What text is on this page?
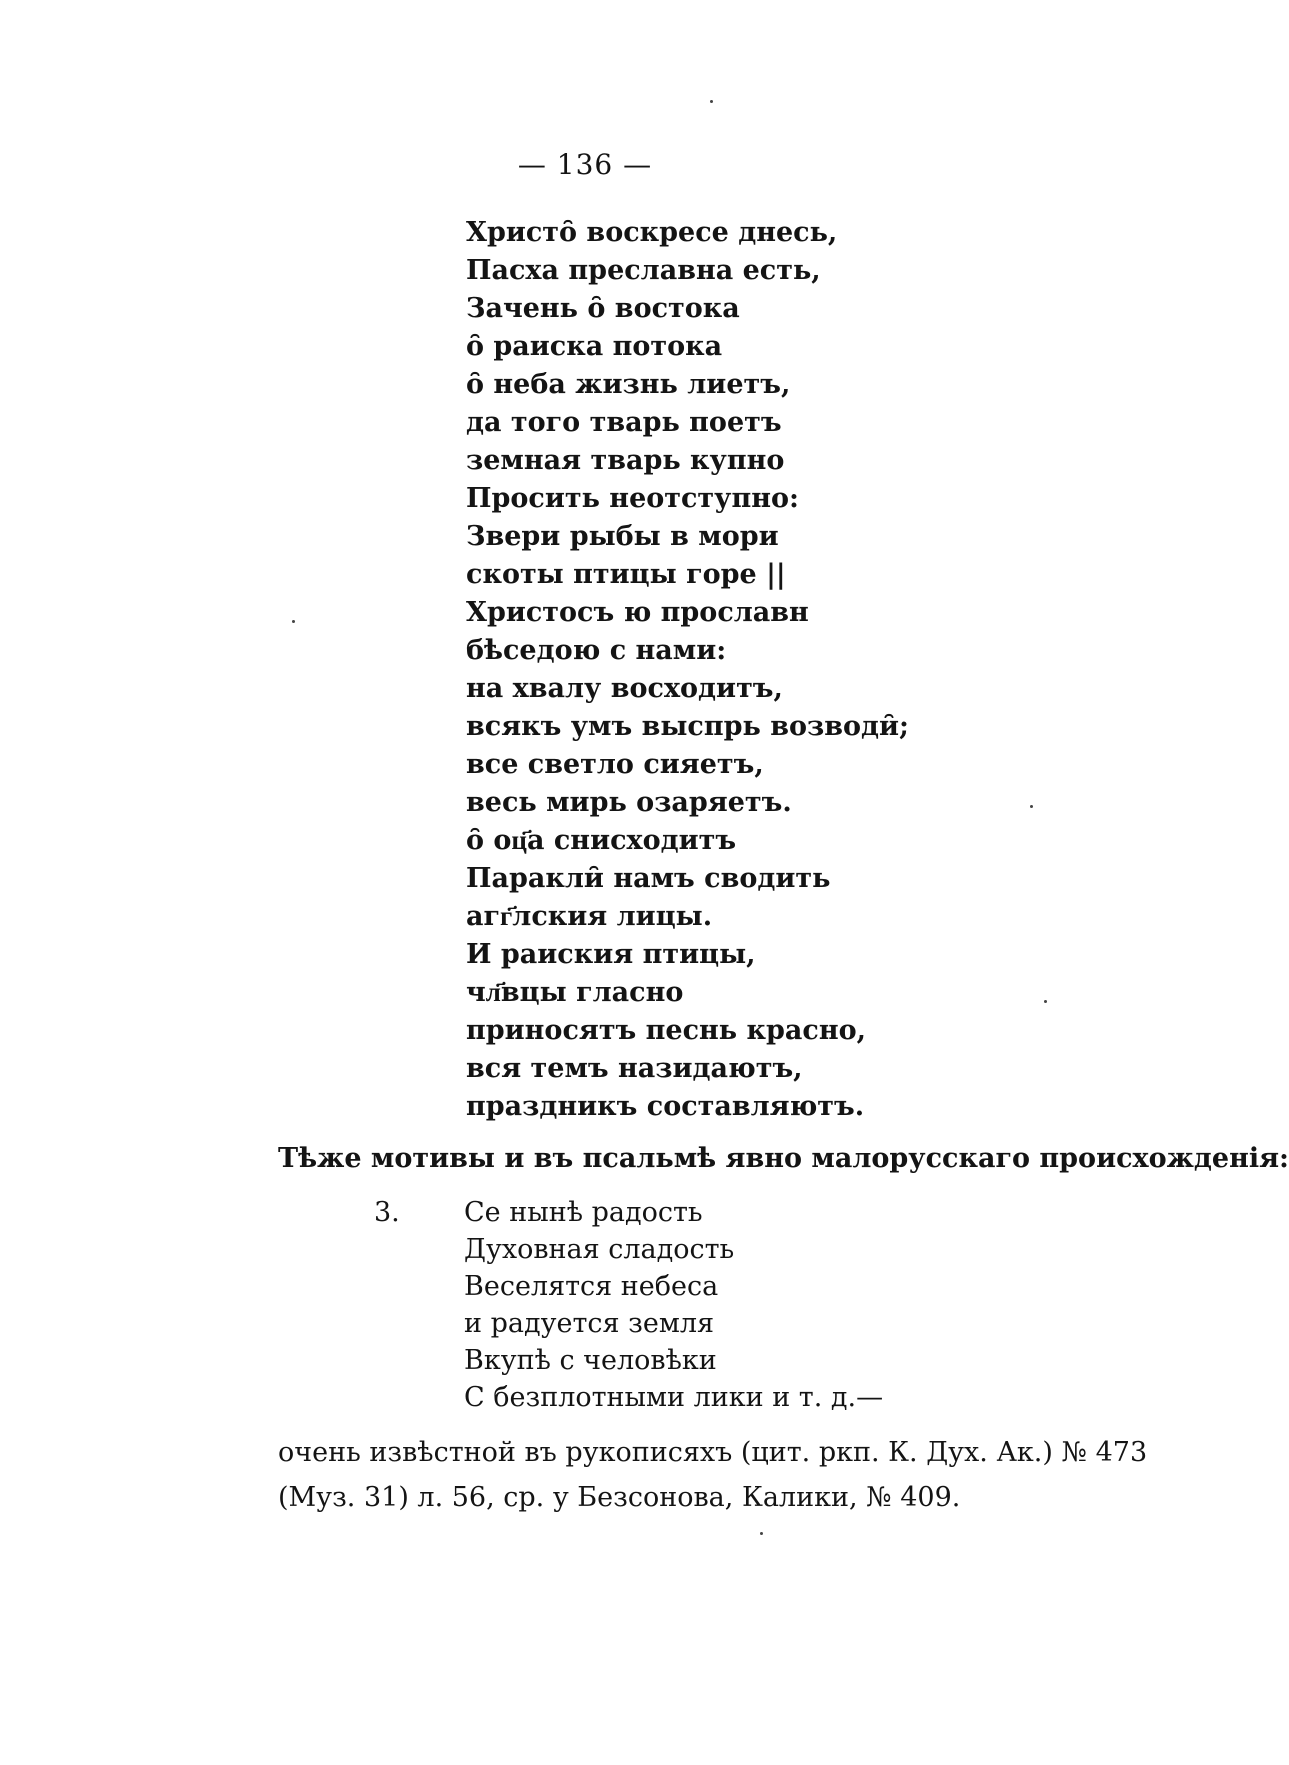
— 136 —
Христо̑ воскресе днесь,
Пасха преславна есть,
Зачень о̑ востока
о̑ раиска потока
о̑ неба жизнь лиетъ,
да того тварь поетъ
земная тварь купно
Просить неотступно:
Звери рыбы в мори
скоты птицы горе ||
Христосъ ю прославн
бѣседою с нами:
на хвалу восходитъ,
всякъ умъ выспрь возводи̑;
все светло сияетъ,
весь мирь озаряетъ.
о̑ оц҃а снисходитъ
Паракли̑ намъ сводить
агг҃лския лицы.
И раиския птицы,
чл҃вцы гласно
приносятъ песнь красно,
вся темъ назидаютъ,
праздникъ составляютъ.
Тѣже мотивы и въ псальмѣ явно малорусскаго происхожденія:
3. Се нынѣ радость
Духовная сладость
Веселятся небеса
и радуется земля
Вкупѣ с человѣки
С безплотными лики и т. д.—
очень извѣстной въ рукописяхъ (цит. ркп. К. Дух. Ак.) № 473
(Муз. 31) л. 56, ср. у Безсонова, Калики, № 409.
